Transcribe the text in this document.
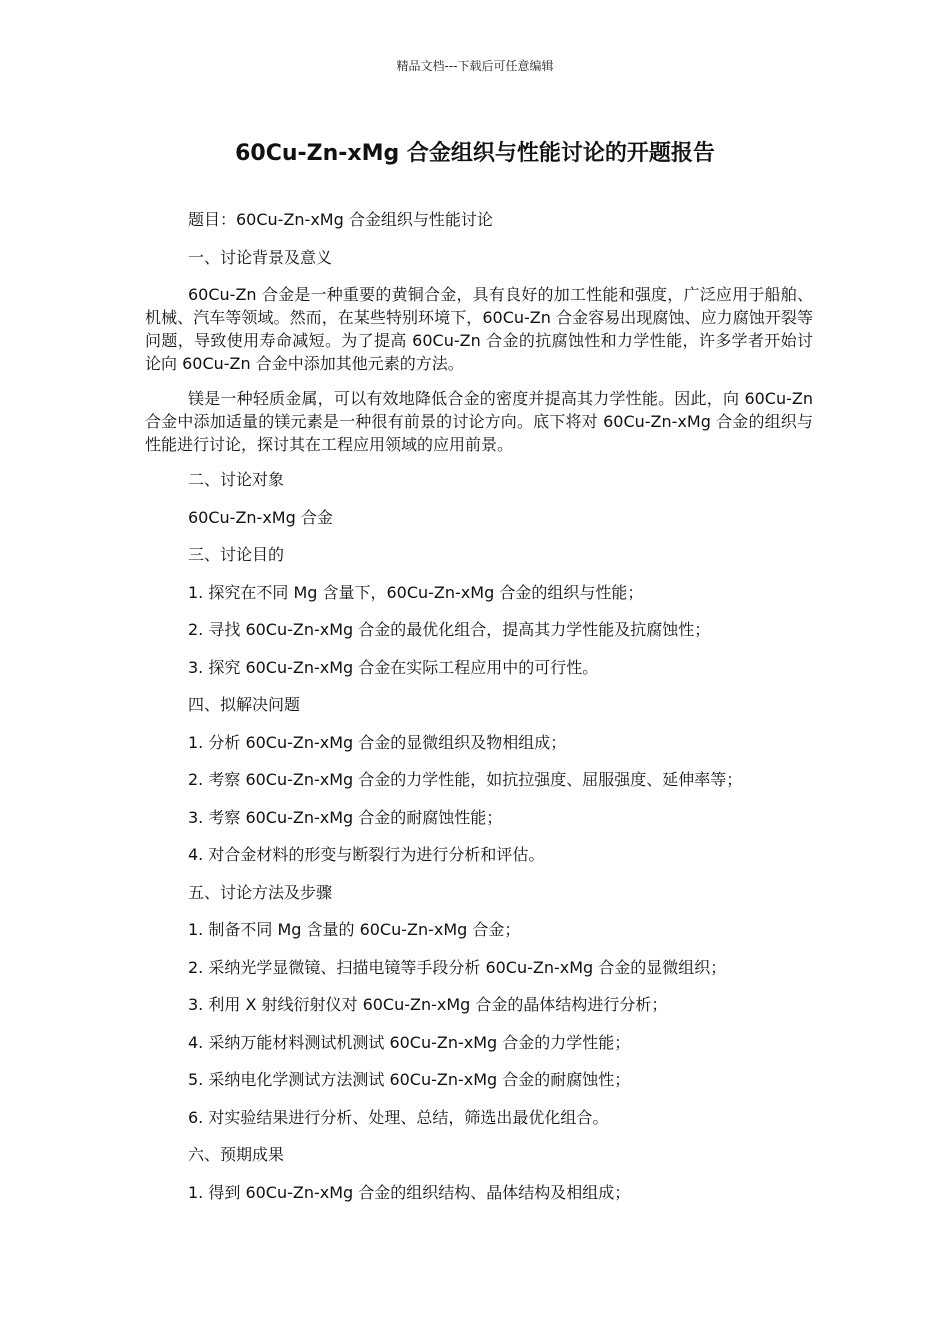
精品文档---下载后可任意编辑
60Cu-Zn-xMg 合金组织与性能讨论的开题报告

题目：60Cu-Zn-xMg 合金组织与性能讨论

一、讨论背景及意义

60Cu-Zn 合金是一种重要的黄铜合金，具有良好的加工性能和强度，广泛应用于船舶、机械、汽车等领域。然而，在某些特别环境下，60Cu-Zn 合金容易出现腐蚀、应力腐蚀开裂等问题，导致使用寿命减短。为了提高 60Cu-Zn 合金的抗腐蚀性和力学性能，许多学者开始讨论向 60Cu-Zn 合金中添加其他元素的方法。

镁是一种轻质金属，可以有效地降低合金的密度并提高其力学性能。因此，向 60Cu-Zn 合金中添加适量的镁元素是一种很有前景的讨论方向。底下将对 60Cu-Zn-xMg 合金的组织与性能进行讨论，探讨其在工程应用领域的应用前景。

二、讨论对象

60Cu-Zn-xMg 合金

三、讨论目的

1. 探究在不同 Mg 含量下，60Cu-Zn-xMg 合金的组织与性能；

2. 寻找 60Cu-Zn-xMg 合金的最优化组合，提高其力学性能及抗腐蚀性；

3. 探究 60Cu-Zn-xMg 合金在实际工程应用中的可行性。

四、拟解决问题

1. 分析 60Cu-Zn-xMg 合金的显微组织及物相组成；

2. 考察 60Cu-Zn-xMg 合金的力学性能，如抗拉强度、屈服强度、延伸率等；

3. 考察 60Cu-Zn-xMg 合金的耐腐蚀性能；

4. 对合金材料的形变与断裂行为进行分析和评估。

五、讨论方法及步骤

1. 制备不同 Mg 含量的 60Cu-Zn-xMg 合金；

2. 采纳光学显微镜、扫描电镜等手段分析 60Cu-Zn-xMg 合金的显微组织；

3. 利用 X 射线衍射仪对 60Cu-Zn-xMg 合金的晶体结构进行分析；

4. 采纳万能材料测试机测试 60Cu-Zn-xMg 合金的力学性能；

5. 采纳电化学测试方法测试 60Cu-Zn-xMg 合金的耐腐蚀性；

6. 对实验结果进行分析、处理、总结，筛选出最优化组合。

六、预期成果

1. 得到 60Cu-Zn-xMg 合金的组织结构、晶体结构及相组成；
